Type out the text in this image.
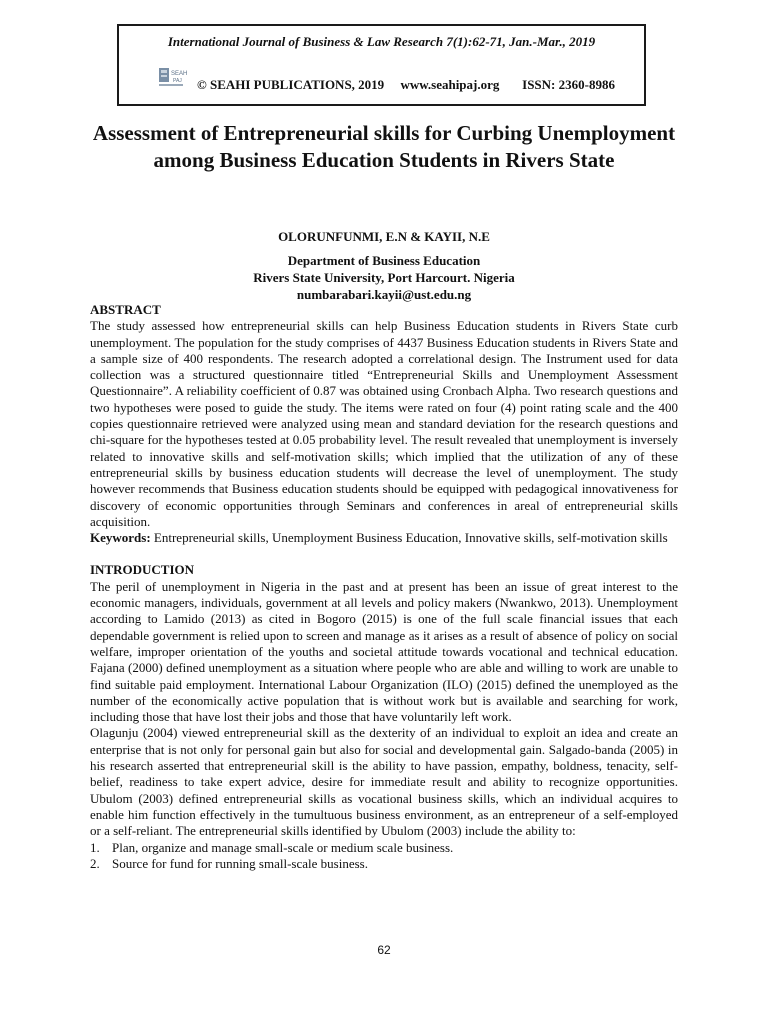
International Journal of Business & Law Research 7(1):62-71, Jan.-Mar., 2019
SEAH
PAJ © SEAHI PUBLICATIONS, 2019 www.seahipaj.org ISSN: 2360-8986
Assessment of Entrepreneurial skills for Curbing Unemployment among Business Education Students in Rivers State
OLORUNFUNMI, E.N & KAYII, N.E
Department of Business Education
Rivers State University, Port Harcourt. Nigeria
numbarabari.kayii@ust.edu.ng
ABSTRACT
The study assessed how entrepreneurial skills can help Business Education students in Rivers State curb unemployment. The population for the study comprises of 4437 Business Education students in Rivers State and a sample size of 400 respondents. The research adopted a correlational design. The Instrument used for data collection was a structured questionnaire titled “Entrepreneurial Skills and Unemployment Assessment Questionnaire”. A reliability coefficient of 0.87 was obtained using Cronbach Alpha. Two research questions and two hypotheses were posed to guide the study. The items were rated on four (4) point rating scale and the 400 copies questionnaire retrieved were analyzed using mean and standard deviation for the research questions and chi-square for the hypotheses tested at 0.05 probability level. The result revealed that unemployment is inversely related to innovative skills and self-motivation skills; which implied that the utilization of any of these entrepreneurial skills by business education students will decrease the level of unemployment. The study however recommends that Business education students should be equipped with pedagogical innovativeness for discovery of economic opportunities through Seminars and conferences in areal of entrepreneurial skills acquisition.
Keywords: Entrepreneurial skills, Unemployment Business Education, Innovative skills, self-motivation skills
INTRODUCTION
The peril of unemployment in Nigeria in the past and at present has been an issue of great interest to the economic managers, individuals, government at all levels and policy makers (Nwankwo, 2013). Unemployment according to Lamido (2013) as cited in Bogoro (2015) is one of the full scale financial issues that each dependable government is relied upon to screen and manage as it arises as a result of absence of policy on social welfare, improper orientation of the youths and societal attitude towards vocational and technical education. Fajana (2000) defined unemployment as a situation where people who are able and willing to work are unable to find suitable paid employment. International Labour Organization (ILO) (2015) defined the unemployed as the number of the economically active population that is without work but is available and searching for work, including those that have lost their jobs and those that have voluntarily left work.
Olagunju (2004) viewed entrepreneurial skill as the dexterity of an individual to exploit an idea and create an enterprise that is not only for personal gain but also for social and developmental gain. Salgado-banda (2005) in his research asserted that entrepreneurial skill is the ability to have passion, empathy, boldness, tenacity, self-belief, readiness to take expert advice, desire for immediate result and ability to recognize opportunities. Ubulom (2003) defined entrepreneurial skills as vocational business skills, which an individual acquires to enable him function effectively in the tumultuous business environment, as an entrepreneur of a self-employed or a self-reliant. The entrepreneurial skills identified by Ubulom (2003) include the ability to:
1. Plan, organize and manage small-scale or medium scale business.
2. Source for fund for running small-scale business.
62
